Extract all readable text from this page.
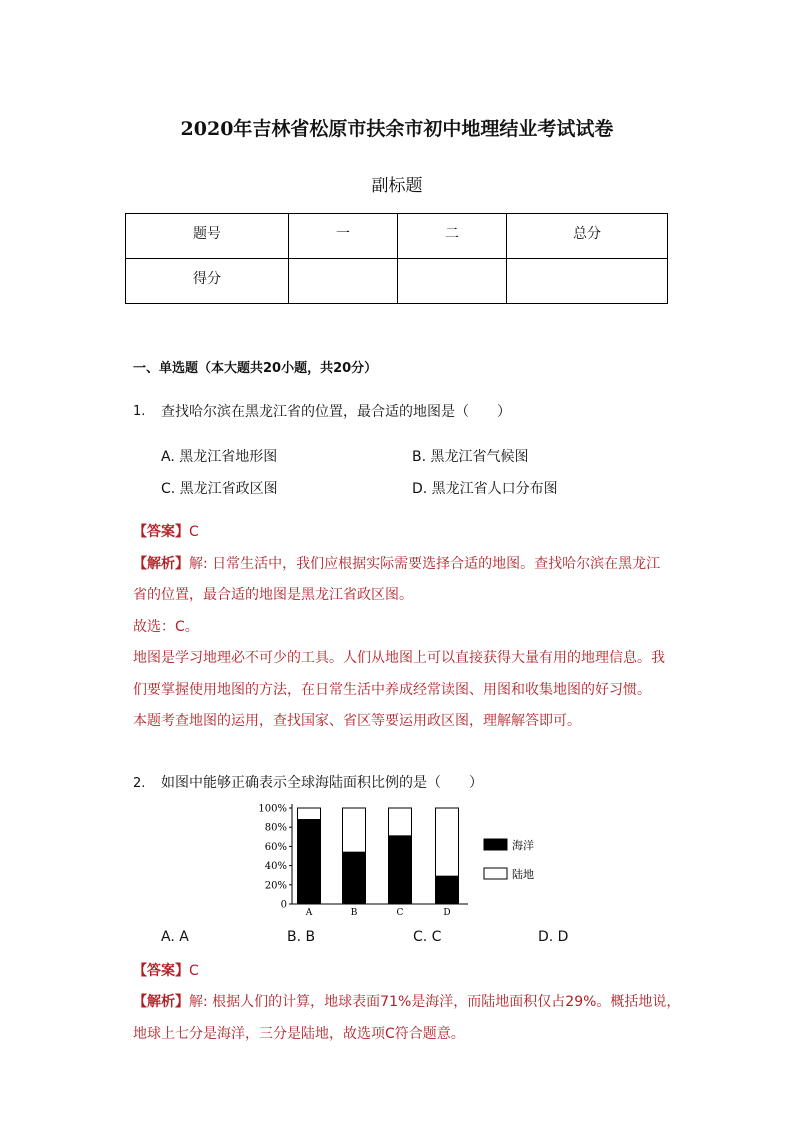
2020年吉林省松原市扶余市初中地理结业考试试卷
副标题
题号	一	二	总分

得分			

一、单选题（本大题共20小题，共20分）
1. 查找哈尔滨在黑龙江省的位置，最合适的地图是（　　）
A. 黑龙江省地形图	B. 黑龙江省气候图
C. 黑龙江省政区图	D. 黑龙江省人口分布图
【答案】C
【解析】解: 日常生活中，我们应根据实际需要选择合适的地图。查找哈尔滨在黑龙江
省的位置，最合适的地图是黑龙江省政区图。
故选：C。
地图是学习地理必不可少的工具。人们从地图上可以直接获得大量有用的地理信息。我
们要掌握使用地图的方法，在日常生活中养成经常读图、用图和收集地图的好习惯。
本题考查地图的运用，查找国家、省区等要运用政区图，理解解答即可。
2. 如图中能够正确表示全球海陆面积比例的是（　　）
0
20%
40%
60%
80%
100%
A	B	C	D
海洋
陆地
A. A	B. B	C. C	D. D
【答案】C
【解析】解: 根据人们的计算，地球表面71%是海洋，而陆地面积仅占29%。概括地说，
地球上七分是海洋，三分是陆地，故选项C符合题意。
